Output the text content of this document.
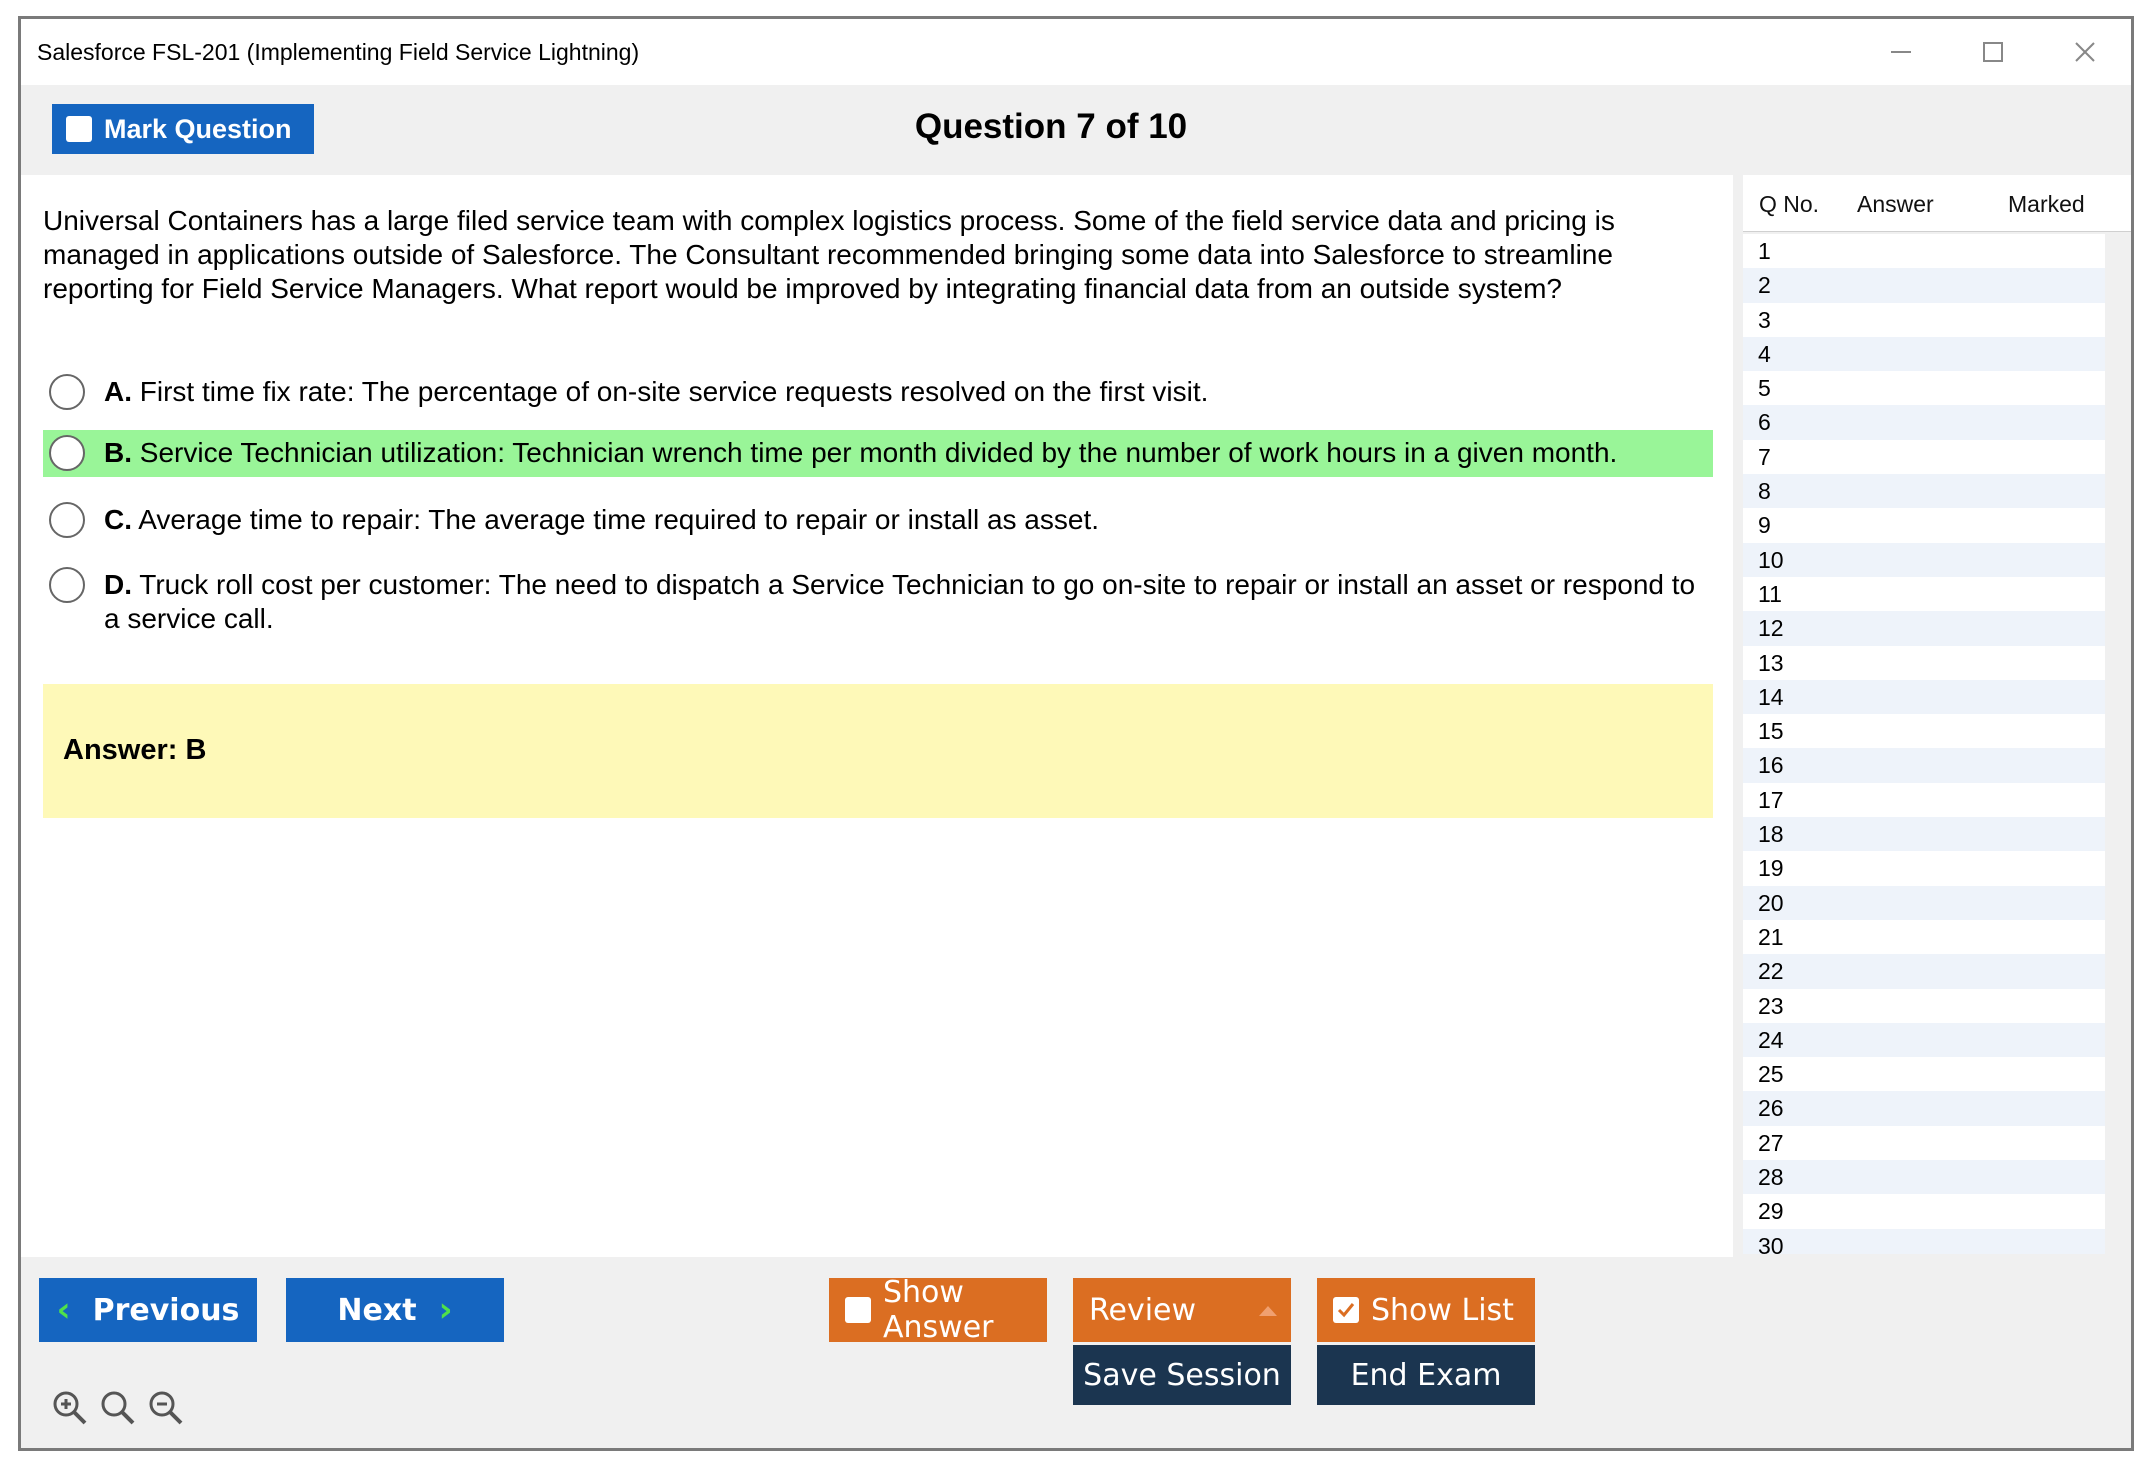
Salesforce FSL-201 (Implementing Field Service Lightning)
Mark Question	Question 7 of 10
Universal Containers has a large filed service team with complex logistics process. Some of the field service data and pricing is managed in applications outside of Salesforce. The Consultant recommended bringing some data into Salesforce to streamline reporting for Field Service Managers. What report would be improved by integrating financial data from an outside system?
A. First time fix rate: The percentage of on-site service requests resolved on the first visit.
B. Service Technician utilization: Technician wrench time per month divided by the number of work hours in a given month.
C. Average time to repair: The average time required to repair or install as asset.
D. Truck roll cost per customer: The need to dispatch a Service Technician to go on-site to repair or install an asset or respond to a service call.
Answer: B
Q No. Answer	Marked
1
2
3
4
5
6
7
8
9
10
11
12
13
14
15
16
17
18
19
20
21
22
23
24
25
26
27
28
29
30
‹ Previous	Next ›	Show Answer	Review	Show List
Save Session End Exam
